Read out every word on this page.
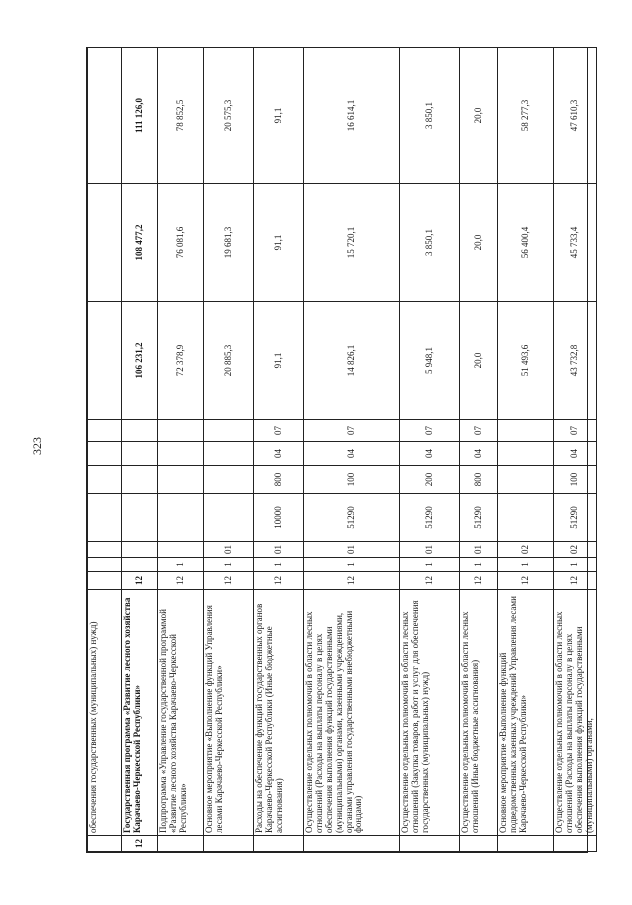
323
	обеспечения государственных (муниципальных) нужд)										
12	Государственная программа «Развитие лесного хозяйства Карачаево-Черкесской Республики»	12							106 231,2	108 477,2	111 126,0
	Подпрограмма «Управление государственной программой «Развитие лесного хозяйства Карачаево-Черкесской Республики»	12	1						72 378,9	76 081,6	78 852,5
	Основное мероприятие «Выполнение функций Управления лесами Карачаево-Черкесской Республики»	12	1	01					20 885,3	19 681,3	20 575,3
	Расходы на обеспечение функций государственных органов Карачаево-Черкесской Республики (Иные бюджетные ассигнования)	12	1	01	10000	800	04	07	91,1	91,1	91,1
	Осуществление отдельных полномочий в области лесных отношений (Расходы на выплаты персоналу в целях обеспечения выполнения функций государственными (муниципальными) органами, казенными учреждениями, органами управления государственными внебюджетными фондами)	12	1	01	51290	100	04	07	14 826,1	15 720,1	16 614,1
	Осуществление отдельных полномочий в области лесных отношений (Закупка товаров, работ и услуг для обеспечения государственных (муниципальных) нужд)	12	1	01	51290	200	04	07	5 948,1	3 850,1	3 850,1
	Осуществление отдельных полномочий в области лесных отношений (Иные бюджетные ассигнования)	12	1	01	51290	800	04	07	20,0	20,0	20,0
	Основное мероприятие «Выполнение функций подведомственных казенных учреждений Управления лесами Карачаево-Черкесской Республики»	12	1	02					51 493,6	56 400,4	58 277,3
	Осуществление отдельных полномочий в области лесных отношений (Расходы на выплаты персоналу в целях обеспечения выполнения функций государственными (муниципальными) органами,	12	1	02	51290	100	04	07	43 732,8	45 733,4	47 610,3
